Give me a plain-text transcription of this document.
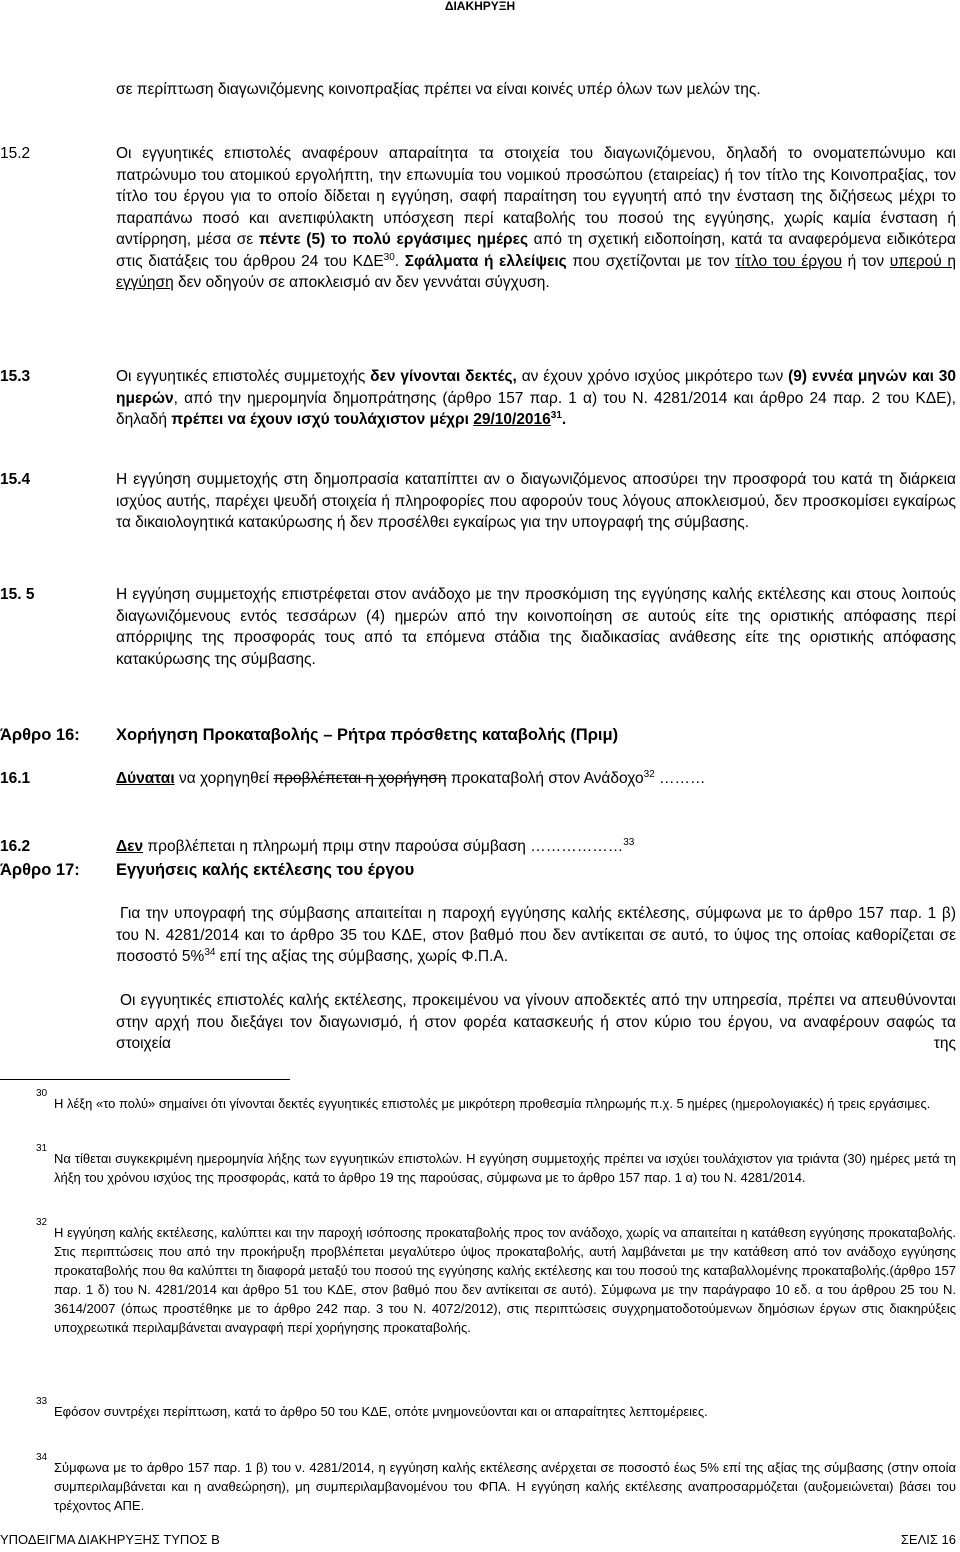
ΔΙΑΚΗΡΥΞΗ

σε περίπτωση διαγωνιζόμενης κοινοπραξίας πρέπει να είναι κοινές υπέρ όλων των μελών της.

15.2	Οι εγγυητικές επιστολές αναφέρουν απαραίτητα τα στοιχεία του διαγωνιζόμενου, δηλαδή το ονοματεπώνυμο και πατρώνυμο του ατομικού εργολήπτη, την επωνυμία του νομικού προσώπου (εταιρείας) ή τον τίτλο της Κοινοπραξίας, τον τίτλο του έργου για το οποίο δίδεται η εγγύηση, σαφή παραίτηση του εγγυητή από την ένσταση της διζήσεως μέχρι το παραπάνω ποσό και ανεπιφύλακτη υπόσχεση περί καταβολής του ποσού της εγγύησης, χωρίς καμία ένσταση ή αντίρρηση, μέσα σε πέντε (5) το πολύ εργάσιμες ημέρες από τη σχετική ειδοποίηση, κατά τα αναφερόμενα ειδικότερα στις διατάξεις του άρθρου 24 του ΚΔΕ$^{30}$. Σφάλματα ή ελλείψεις που σχετίζονται με τον τίτλο του έργου ή τον υπερού η εγγύηση δεν οδηγούν σε αποκλεισμό αν δεν γεννάται σύγχυση.

15.3	Οι εγγυητικές επιστολές συμμετοχής δεν γίνονται δεκτές, αν έχουν χρόνο ισχύος μικρότερο των (9) εννέα μηνών και 30 ημερών, από την ημερομηνία δημοπράτησης (άρθρο 157 παρ. 1 α) του Ν. 4281/2014 και άρθρο 24 παρ. 2 του ΚΔΕ), δηλαδή πρέπει να έχουν ισχύ τουλάχιστον μέχρι 29/10/2016$^{31}$.

15.4	Η εγγύηση συμμετοχής στη δημοπρασία καταπίπτει αν ο διαγωνιζόμενος αποσύρει την προσφορά του κατά τη διάρκεια ισχύος αυτής, παρέχει ψευδή στοιχεία ή πληροφορίες που αφορούν τους λόγους αποκλεισμού, δεν προσκομίσει εγκαίρως τα δικαιολογητικά κατακύρωσης ή δεν προσέλθει εγκαίρως για την υπογραφή της σύμβασης.

15. 5	Η εγγύηση συμμετοχής επιστρέφεται στον ανάδοχο με την προσκόμιση της εγγύησης καλής εκτέλεσης και στους λοιπούς διαγωνιζόμενους εντός τεσσάρων (4) ημερών από την κοινοποίηση σε αυτούς είτε της οριστικής απόφασης περί απόρριψης της προσφοράς τους από τα επόμενα στάδια της διαδικασίας ανάθεσης είτε της οριστικής απόφασης κατακύρωσης της σύμβασης.

Άρθρο 16: Χορήγηση Προκαταβολής – Ρήτρα πρόσθετης καταβολής (Πριμ)
16.1	Δύναται να χορηγηθεί προβλέπεται η χορήγηση προκαταβολή στον Ανάδοχο$^{32}$ ………

16.2	Δεν προβλέπεται η πληρωμή πριμ στην παρούσα σύμβαση ………………$^{33}$

Άρθρο 17: Εγγυήσεις καλής εκτέλεσης του έργου

Για την υπογραφή της σύμβασης απαιτείται η παροχή εγγύησης καλής εκτέλεσης, σύμφωνα με το άρθρο 157 παρ. 1 β) του Ν. 4281/2014 και το άρθρο 35 του ΚΔΕ, στον βαθμό που δεν αντίκειται σε αυτό, το ύψος της οποίας καθορίζεται σε ποσοστό 5%$^{34}$ επί της αξίας της σύμβασης, χωρίς Φ.Π.Α.

Οι εγγυητικές επιστολές καλής εκτέλεσης, προκειμένου να γίνουν αποδεκτές από την υπηρεσία, πρέπει να απευθύνονται στην αρχή που διεξάγει τον διαγωνισμό, ή στον φορέα κατασκευής ή στον κύριο του έργου, να αναφέρουν σαφώς τα στοιχεία της

30

Η λέξη «το πολύ» σημαίνει ότι γίνονται δεκτές εγγυητικές επιστολές με μικρότερη προθεσμία πληρωμής π.χ. 5 ημέρες (ημερολογιακές) ή τρεις εργάσιμες.

31

Να τίθεται συγκεκριμένη ημερομηνία λήξης των εγγυητικών επιστολών. Η εγγύηση συμμετοχής πρέπει να ισχύει τουλάχιστον για τριάντα (30) ημέρες μετά τη λήξη του χρόνου ισχύος της προσφοράς, κατά το άρθρο 19 της παρούσας, σύμφωνα με το άρθρο 157 παρ. 1 α) του Ν. 4281/2014.

32

Η εγγύηση καλής εκτέλεσης, καλύπτει και την παροχή ισόποσης προκαταβολής προς τον ανάδοχο, χωρίς να απαιτείται η κατάθεση εγγύησης προκαταβολής. Στις περιπτώσεις που από την προκήρυξη προβλέπεται μεγαλύτερο ύψος προκαταβολής, αυτή λαμβάνεται με την κατάθεση από τον ανάδοχο εγγύησης προκαταβολής που θα καλύπτει τη διαφορά μεταξύ του ποσού της εγγύησης καλής εκτέλεσης και του ποσού της καταβαλλομένης προκαταβολής.(άρθρο 157 παρ. 1 δ) του Ν. 4281/2014 και άρθρο 51 του ΚΔΕ, στον βαθμό που δεν αντίκειται σε αυτό). Σύμφωνα με την παράγραφο 10 εδ. α του άρθρου 25 του Ν. 3614/2007 (όπως προστέθηκε με το άρθρο 242 παρ. 3 του Ν. 4072/2012), στις περιπτώσεις συγχρηματοδοτούμενων δημόσιων έργων στις διακηρύξεις υποχρεωτικά περιλαμβάνεται αναγραφή περί χορήγησης προκαταβολής.

33

Εφόσον συντρέχει περίπτωση, κατά το άρθρο 50 του ΚΔΕ, οπότε μνημονεύονται και οι απαραίτητες λεπτομέρειες.

34

Σύμφωνα με το άρθρο 157 παρ. 1 β) του ν. 4281/2014, η εγγύηση καλής εκτέλεσης ανέρχεται σε ποσοστό έως 5% επί της αξίας της σύμβασης (στην οποία συμπεριλαμβάνεται και η αναθεώρηση), μη συμπεριλαμβανομένου του ΦΠΑ. Η εγγύηση καλής εκτέλεσης αναπροσαρμόζεται (αυξομειώνεται) βάσει του τρέχοντος ΑΠΕ.

ΥΠΟΔΕΙΓΜΑ ΔΙΑΚΗΡΥΞΗΣ ΤΥΠΟΣ Β	ΣΕΛΙΣ 16
